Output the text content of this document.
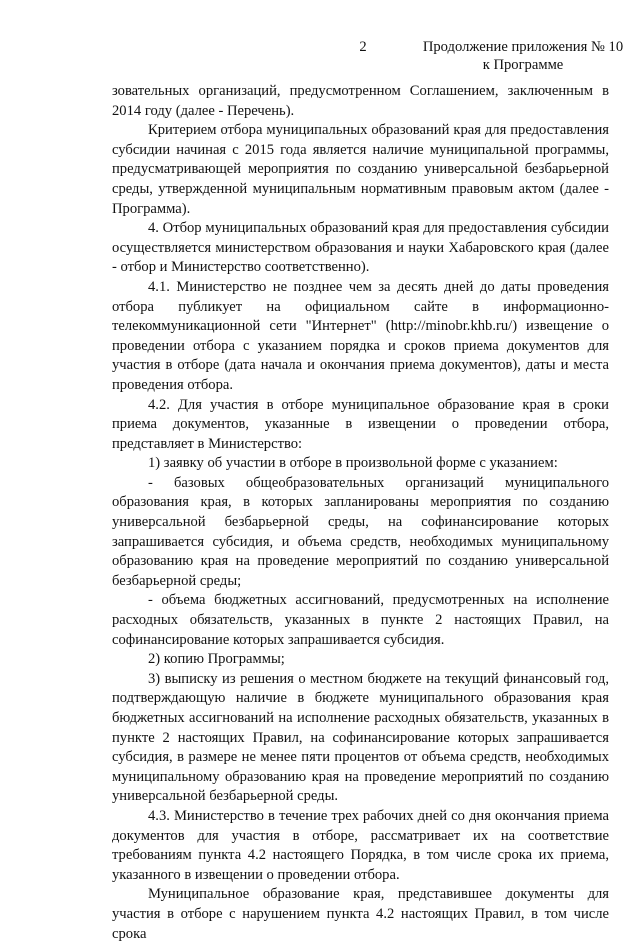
2	Продолжение приложения № 10
к Программе

зовательных организаций, предусмотренном Соглашением, заключенным в 2014 году (далее - Перечень).

Критерием отбора муниципальных образований края для предоставления субсидии начиная с 2015 года является наличие муниципальной программы, предусматривающей мероприятия по созданию универсальной безбарьерной среды, утвержденной муниципальным нормативным правовым актом (далее - Программа).

4. Отбор муниципальных образований края для предоставления субсидии осуществляется министерством образования и науки Хабаровского края (далее - отбор и Министерство соответственно).

4.1. Министерство не позднее чем за десять дней до даты проведения отбора публикует на официальном сайте в информационно-телекоммуникационной сети "Интернет" (http://minobr.khb.ru/) извещение о проведении отбора с указанием порядка и сроков приема документов для участия в отборе (дата начала и окончания приема документов), даты и места проведения отбора.

4.2. Для участия в отборе муниципальное образование края в сроки приема документов, указанные в извещении о проведении отбора, представляет в Министерство:

1) заявку об участии в отборе в произвольной форме с указанием:

- базовых общеобразовательных организаций муниципального образования края, в которых запланированы мероприятия по созданию универсальной безбарьерной среды, на софинансирование которых запрашивается субсидия, и объема средств, необходимых муниципальному образованию края на проведение мероприятий по созданию универсальной безбарьерной среды;

- объема бюджетных ассигнований, предусмотренных на исполнение расходных обязательств, указанных в пункте 2 настоящих Правил, на софинансирование которых запрашивается субсидия.

2) копию Программы;

3) выписку из решения о местном бюджете на текущий финансовый год, подтверждающую наличие в бюджете муниципального образования края бюджетных ассигнований на исполнение расходных обязательств, указанных в пункте 2 настоящих Правил, на софинансирование которых запрашивается субсидия, в размере не менее пяти процентов от объема средств, необходимых муниципальному образованию края на проведение мероприятий по созданию универсальной безбарьерной среды.

4.3. Министерство в течение трех рабочих дней со дня окончания приема документов для участия в отборе, рассматривает их на соответствие требованиям пункта 4.2 настоящего Порядка, в том числе срока их приема, указанного в извещении о проведении отбора.

Муниципальное образование края, представившее документы для участия в отборе с нарушением пункта 4.2 настоящих Правил, в том числе срока
